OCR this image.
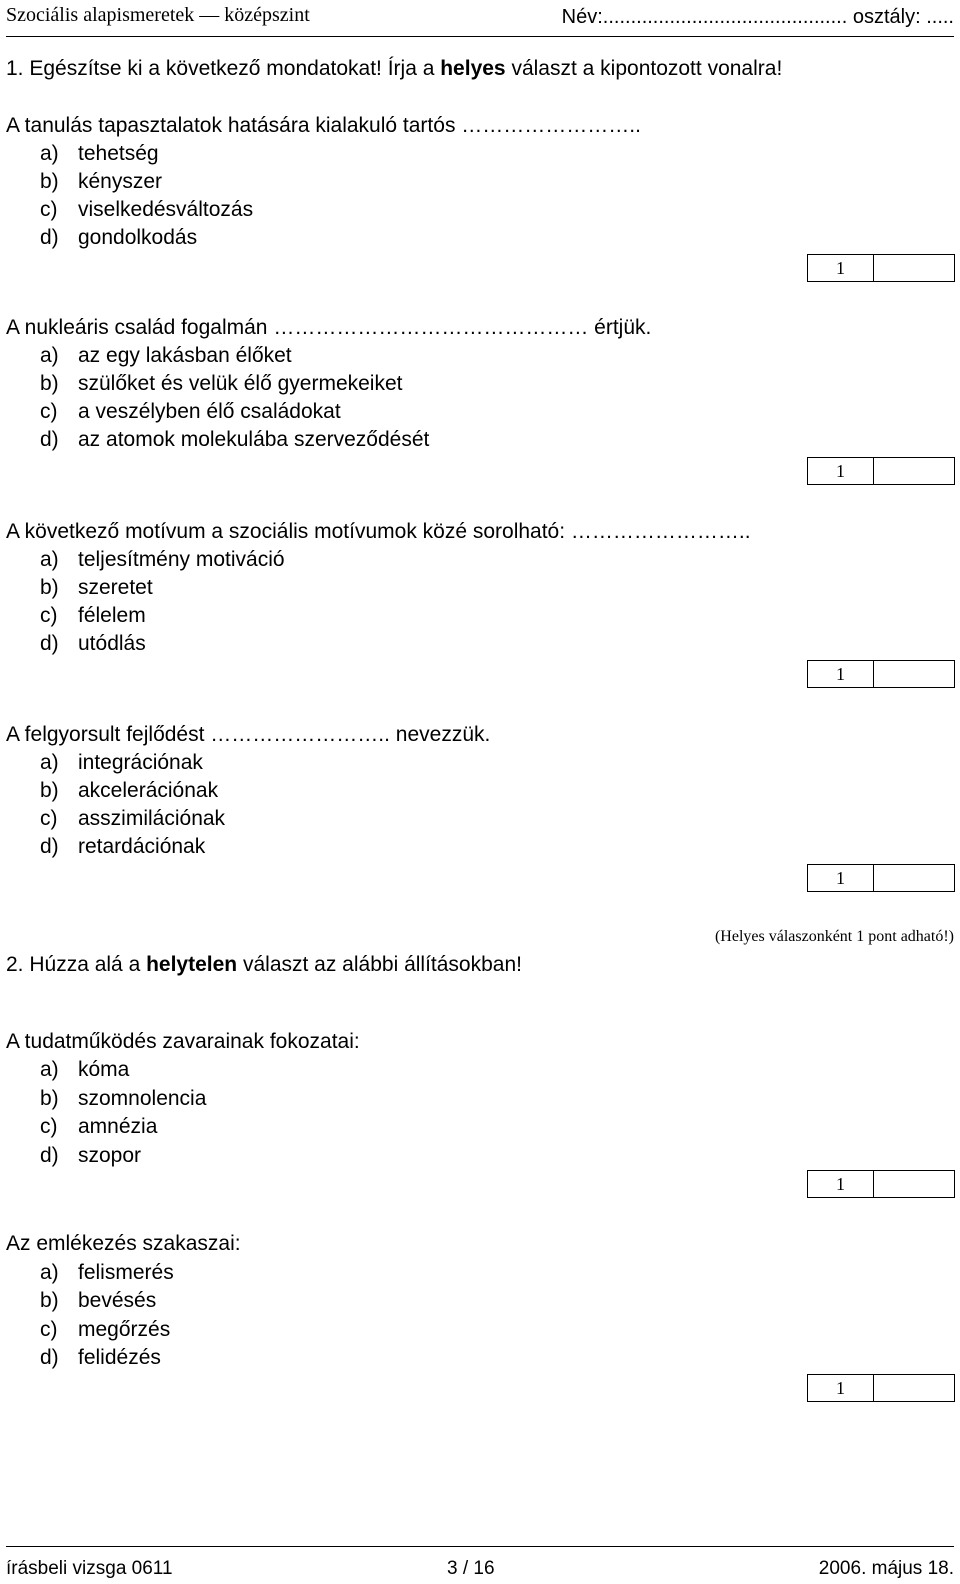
Szociális alapismeretek — középszint	Név:............................................ osztály: .....
1. Egészítse ki a következő mondatokat! Írja a helyes választ a kipontozott vonalra!
A tanulás tapasztalatok hatására kialakuló tartós ……………………..
a) tehetség
b) kényszer
c) viselkedésváltozás
d) gondolkodás
1
A nukleáris család fogalmán ……………………………………… értjük.
a) az egy lakásban élőket
b) szülőket és velük élő gyermekeiket
c) a veszélyben élő családokat
d) az atomok molekulába szerveződését
1
A következő motívum a szociális motívumok közé sorolható: ……………………..
a) teljesítmény motiváció
b) szeretet
c) félelem
d) utódlás
1
A felgyorsult fejlődést …………………….. nevezzük.
a) integrációnak
b) akcelerációnak
c) asszimilációnak
d) retardációnak
1
(Helyes válaszonként 1 pont adható!)
2. Húzza alá a helytelen választ az alábbi állításokban!
A tudatműködés zavarainak fokozatai:
a) kóma
b) szomnolencia
c) amnézia
d) szopor
1
Az emlékezés szakaszai:
a) felismerés
b) bevésés
c) megőrzés
d) felidézés
1
írásbeli vizsga 0611	3 / 16	2006. május 18.
